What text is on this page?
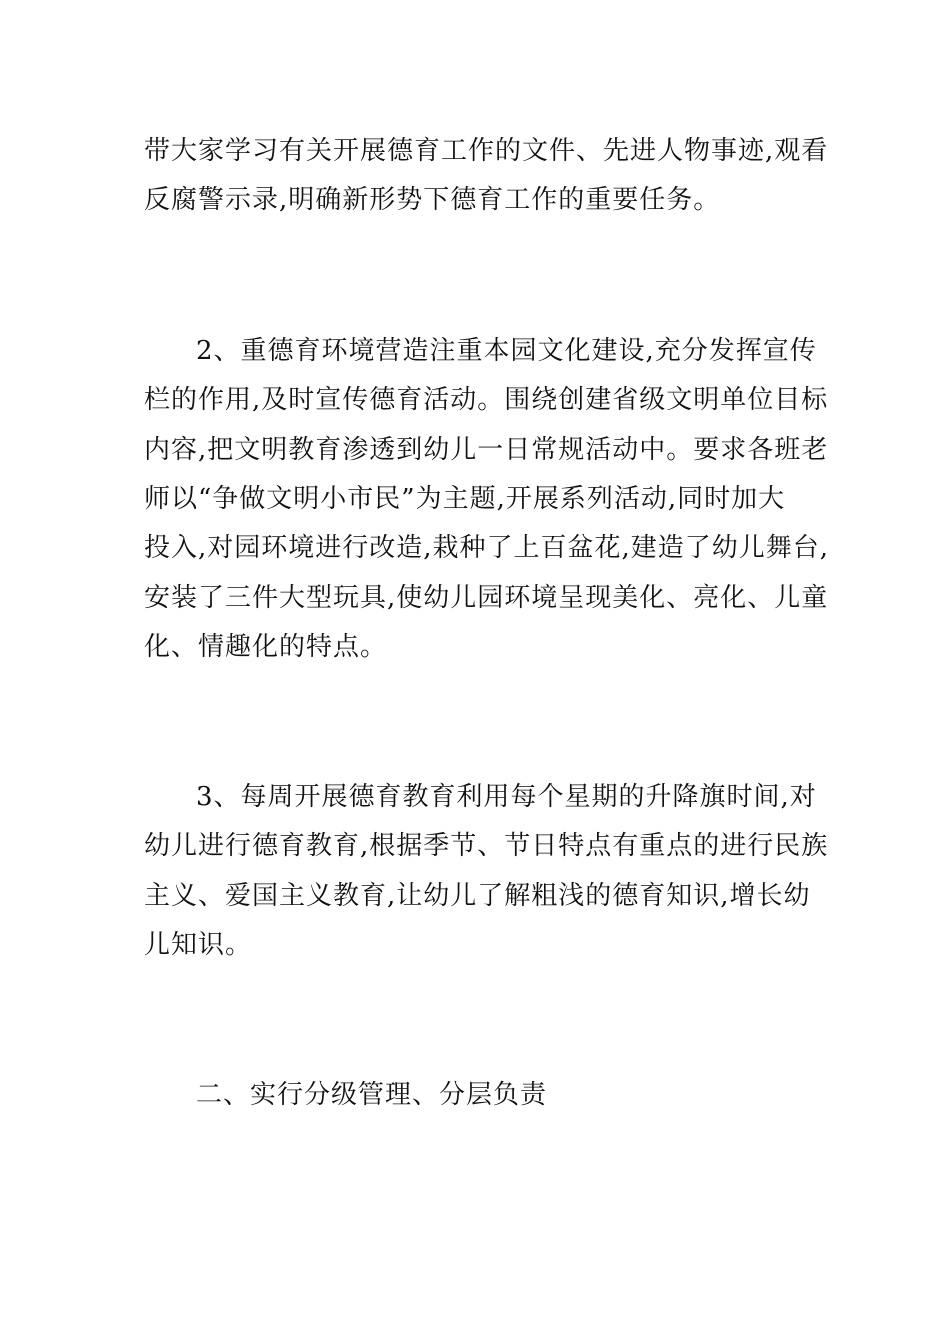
带大家学习有关开展德育工作的文件、先进人物事迹,观看

反腐警示录,明确新形势下德育工作的重要任务。

2、重德育环境营造注重本园文化建设,充分发挥宣传

栏的作用,及时宣传德育活动。围绕创建省级文明单位目标

内容,把文明教育渗透到幼儿一日常规活动中。要求各班老

师以“争做文明小市民”为主题,开展系列活动,同时加大

投入,对园环境进行改造,栽种了上百盆花,建造了幼儿舞台,

安装了三件大型玩具,使幼儿园环境呈现美化、亮化、儿童

化、情趣化的特点。

3、每周开展德育教育利用每个星期的升降旗时间,对

幼儿进行德育教育,根据季节、节日特点有重点的进行民族

主义、爱国主义教育,让幼儿了解粗浅的德育知识,增长幼

儿知识。

二、实行分级管理、分层负责
